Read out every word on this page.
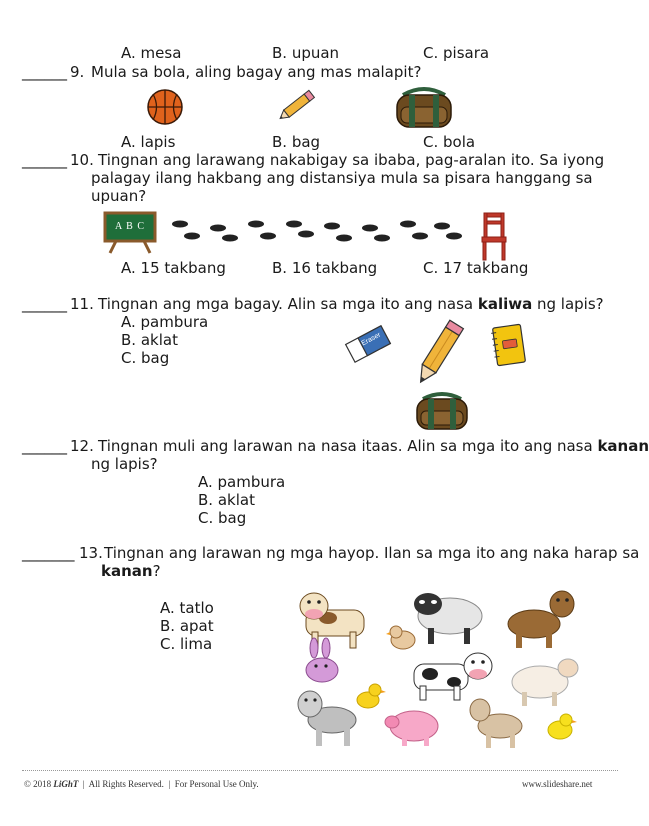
A. mesa	B. upuan	C. pisara
______ 9. Mula sa bola, aling bagay ang mas malapit?
A. lapis	B. bag	C. bola
______ 10. Tingnan ang larawang nakabigay sa ibaba, pag-aralan ito. Sa iyong
palagay ilang hakbang ang distansiya mula sa pisara hanggang sa
upuan?
A B C
A. 15 takbang	B. 16 takbang	C. 17 takbang
______ 11. Tingnan ang mga bagay. Alin sa mga ito ang nasa kaliwa ng lapis?
A. pambura
B. aklat
C. bag
Eraser
______ 12. Tingnan muli ang larawan na nasa itaas. Alin sa mga ito ang nasa kanan
ng lapis?
A. pambura
B. aklat
C. bag
_______ 13. Tingnan ang larawan ng mga hayop. Ilan sa mga ito ang naka harap sa
kanan?
A. tatlo
B. apat
C. lima
© 2018 LiGhT  |  All Rights Reserved.  |  For Personal Use Only.	www.slideshare.net
